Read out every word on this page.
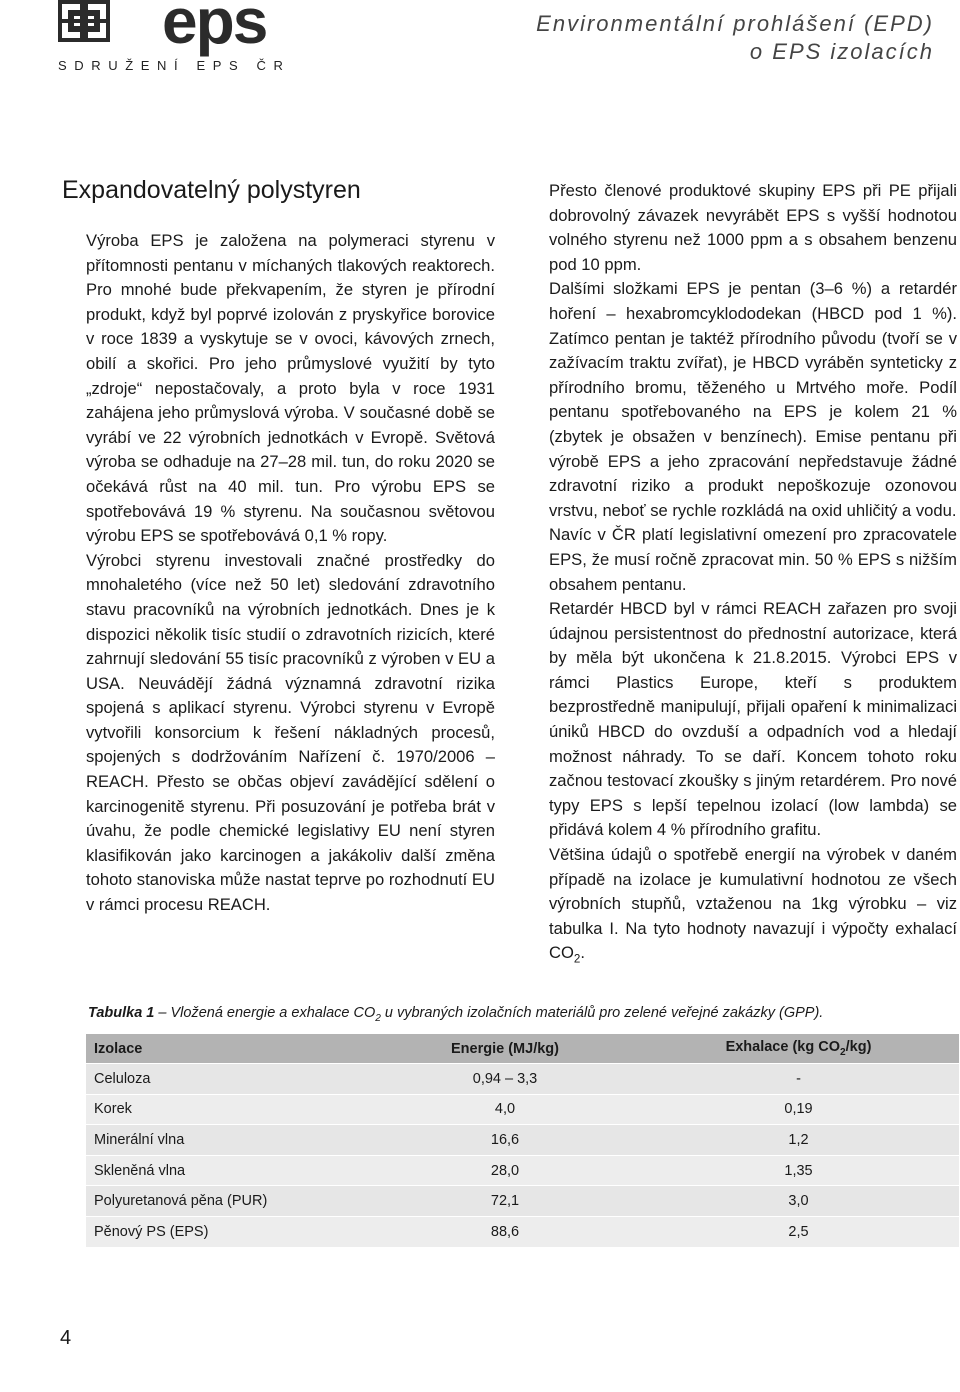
eps
SDRUŽENÍ EPS ČR
Environmentální prohlášení (EPD)
o EPS izolacích
Expandovatelný polystyren

Výroba EPS je založena na polymeraci styrenu v přítomnosti pentanu v míchaných tlakových reaktorech. Pro mnohé bude překvapením, že styren je přírodní produkt, když byl poprvé izolován z pryskyřice borovice v roce 1839 a vyskytuje se v ovoci, kávových zrnech, obilí a skořici. Pro jeho průmyslové využití by tyto „zdroje“ nepostačovaly, a proto byla v roce 1931 zahájena jeho průmyslová výroba. V současné době se vyrábí ve 22 výrobních jednotkách v Evropě. Světová výroba se odhaduje na 27–28 mil. tun, do roku 2020 se očekává růst na 40 mil. tun. Pro výrobu EPS se spotřebovává 19 % styrenu. Na současnou světovou výrobu EPS se spotřebovává 0,1 % ropy.

Výrobci styrenu investovali značné prostředky do mnohaletého (více než 50 let) sledování zdravotního stavu pracovníků na výrobních jednotkách. Dnes je k dispozici několik tisíc studií o zdravotních rizicích, které zahrnují sledování 55 tisíc pracovníků z výroben v EU a USA. Neuvádějí žádná významná zdravotní rizika spojená s aplikací styrenu. Výrobci styrenu v Evropě vytvořili konsorcium k řešení nákladných procesů, spojených s dodržováním Nařízení č. 1970/2006 – REACH. Přesto se občas objeví zavádějící sdělení o karcinogenitě styrenu. Při posuzování je potřeba brát v úvahu, že podle chemické legislativy EU není styren klasifikován jako karcinogen a jakákoliv další změna tohoto stanoviska může nastat teprve po rozhodnutí EU v rámci procesu REACH.

Přesto členové produktové skupiny EPS při PE přijali dobrovolný závazek nevyrábět EPS s vyšší hodnotou volného styrenu než 1000 ppm a s obsahem benzenu pod 10 ppm.

Dalšími složkami EPS je pentan (3–6 %) a retardér hoření – hexabromcyklododekan (HBCD pod 1 %). Zatímco pentan je taktéž přírodního původu (tvoří se v zažívacím traktu zvířat), je HBCD vyráběn synteticky z přírodního bromu, těženého u Mrtvého moře. Podíl pentanu spotřebovaného na EPS je kolem 21 % (zbytek je obsažen v benzínech). Emise pentanu při výrobě EPS a jeho zpracování nepředstavuje žádné zdravotní riziko a produkt nepoškozuje ozonovou vrstvu, neboť se rychle rozkládá na oxid uhličitý a vodu.

Navíc v ČR platí legislativní omezení pro zpracovatele EPS, že musí ročně zpracovat min. 50 % EPS s nižším obsahem pentanu.

Retardér HBCD byl v rámci REACH zařazen pro svoji údajnou persistentnost do přednostní autorizace, která by měla být ukončena k 21.8.2015. Výrobci EPS v rámci Plastics Europe, kteří s produktem bezprostředně manipulují, přijali opaření k minimalizaci úniků HBCD do ovzduší a odpadních vod a hledají možnost náhrady. To se daří. Koncem tohoto roku začnou testovací zkoušky s jiným retardérem. Pro nové typy EPS s lepší tepelnou izolací (low lambda) se přidává kolem 4 % přírodního grafitu.

Většina údajů o spotřebě energií na výrobek v daném případě na izolace je kumulativní hodnotou ze všech výrobních stupňů, vztaženou na 1kg výrobku – viz tabulka I. Na tyto hodnoty navazují i výpočty exhalací $CO_2$.

Tabulka 1 – Vložená energie a exhalace $CO_2$ u vybraných izolačních materiálů pro zelené veřejné zakázky (GPP).
Izolace	Energie (MJ/kg)	Exhalace (kg $CO_2/kg$)
Celuloza	0,94 – 3,3	-
Korek	4,0	0,19
Minerální vlna	16,6	1,2
Skleněná vlna	28,0	1,35
Polyuretanová pěna (PUR)	72,1	3,0
Pěnový PS (EPS)	88,6	2,5
4
